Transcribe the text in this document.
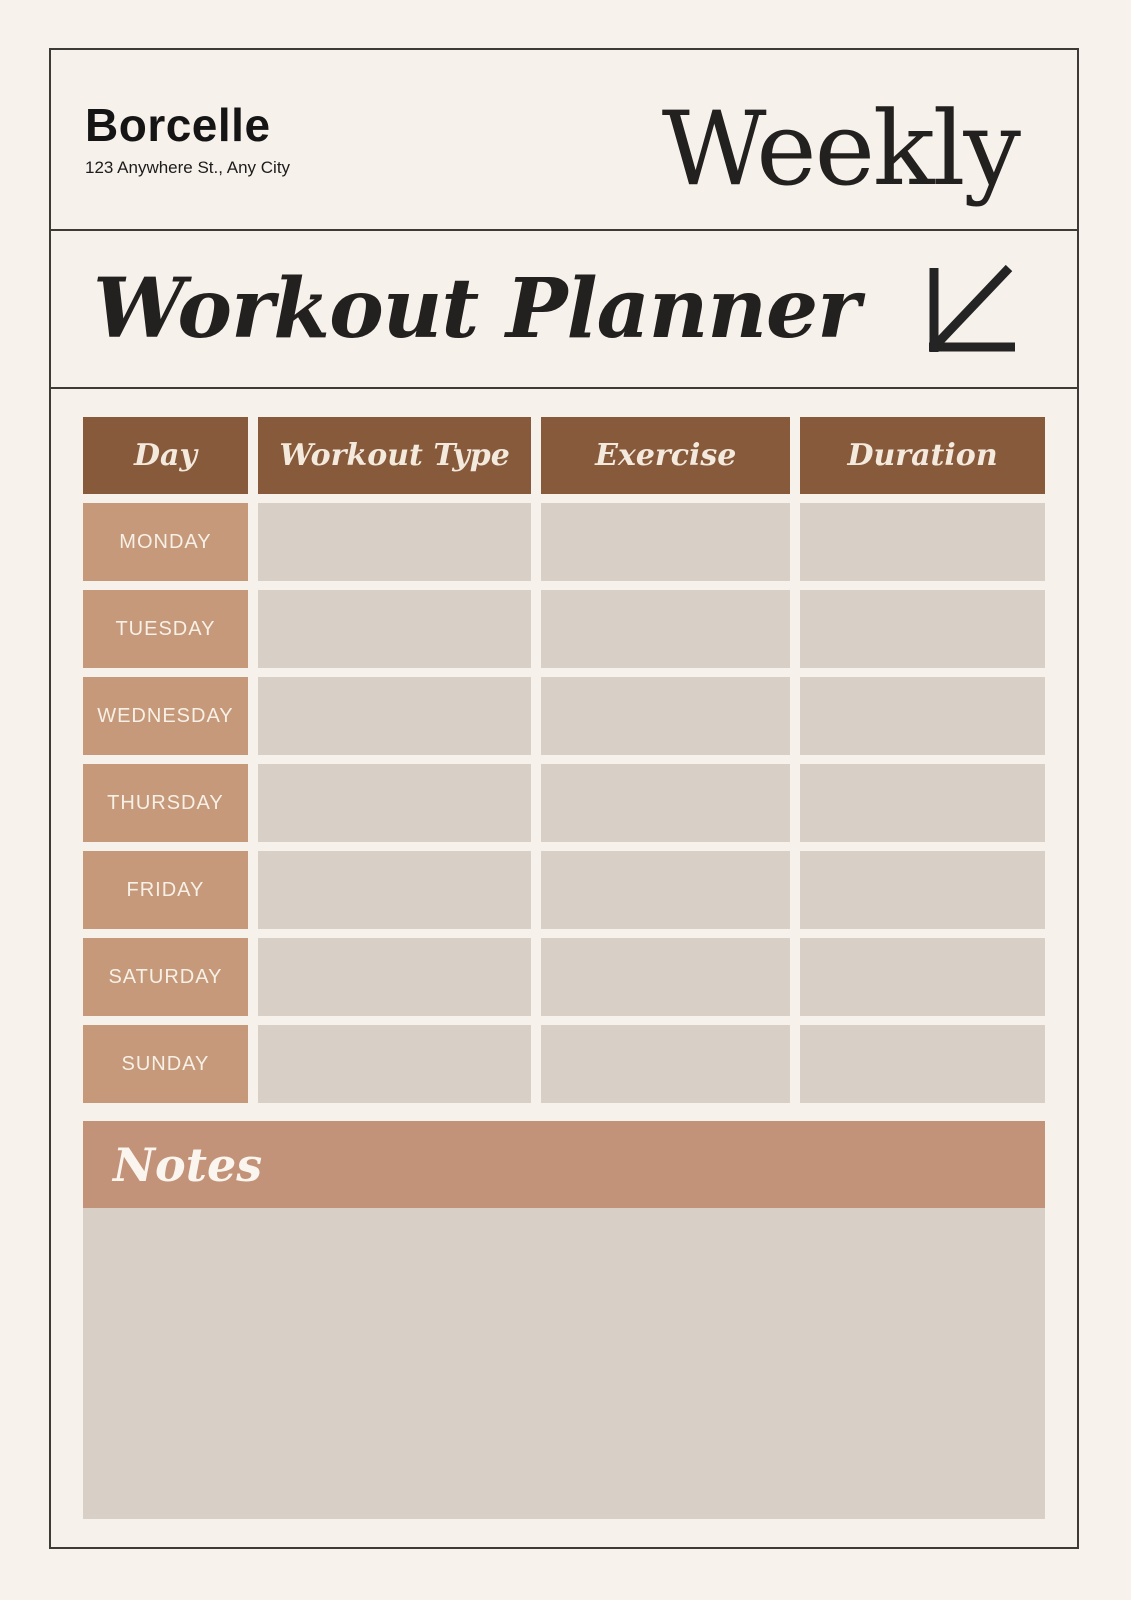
Borcelle
123 Anywhere St., Any City	Weekly
Workout Planner
Day	Workout Type	Exercise	Duration
MONDAY
TUESDAY
WEDNESDAY
THURSDAY
FRIDAY
SATURDAY
SUNDAY
Notes
